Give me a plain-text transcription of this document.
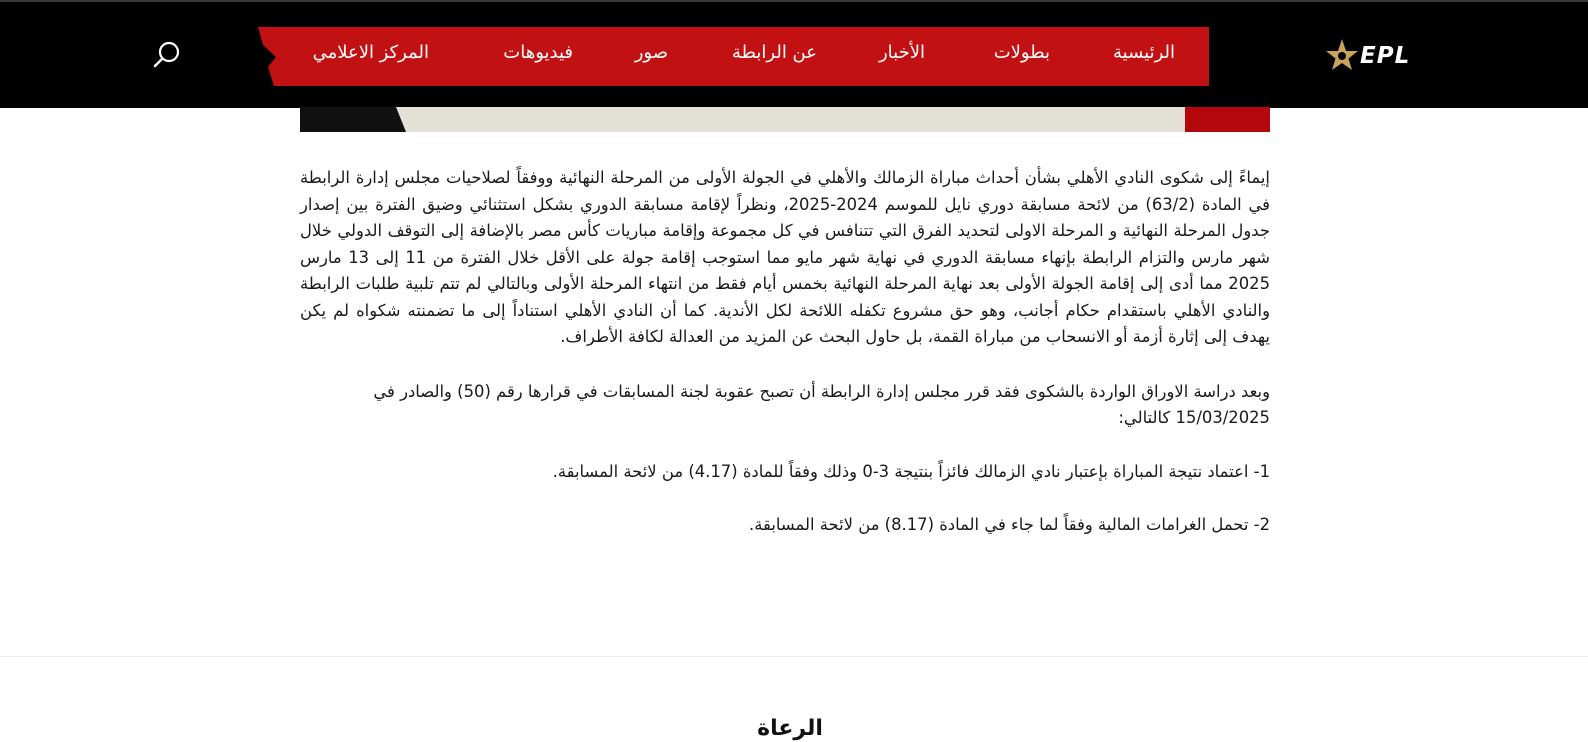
EPL
الرئيسية
بطولات
الأخبار
عن الرابطة
صور
فيديوهات
المركز الاعلامي

إيماءً إلى شكوى النادي الأهلي بشأن أحداث مباراة الزمالك والأهلي في الجولة الأولى من المرحلة النهائية ووفقاً لصلاحيات مجلس إدارة الرابطة في المادة (63/2) من لائحة مسابقة دوري نايل للموسم 2024-2025، ونظراً لإقامة مسابقة الدوري بشكل استثنائي وضيق الفترة بين إصدار جدول المرحلة النهائية و المرحلة الاولى لتحديد الفرق التي تتنافس في كل مجموعة وإقامة مباريات كأس مصر بالإضافة إلى التوقف الدولي خلال شهر مارس والتزام الرابطة بإنهاء مسابقة الدوري في نهاية شهر مايو مما استوجب إقامة جولة على الأقل خلال الفترة من 11 إلى 13 مارس 2025 مما أدى إلى إقامة الجولة الأولى بعد نهاية المرحلة النهائية بخمس أيام فقط من انتهاء المرحلة الأولى وبالتالي لم تتم تلبية طلبات الرابطة والنادي الأهلي باستقدام حكام أجانب، وهو حق مشروع تكفله اللائحة لكل الأندية. كما أن النادي الأهلي استناداً إلى ما تضمنته شكواه لم يكن يهدف إلى إثارة أزمة أو الانسحاب من مباراة القمة، بل حاول البحث عن المزيد من العدالة لكافة الأطراف.

وبعد دراسة الاوراق الواردة بالشكوى فقد قرر مجلس إدارة الرابطة أن تصبح عقوبة لجنة المسابقات في قرارها رقم (50) والصادر في 15/03/2025 كالتالي:

1- اعتماد نتيجة المباراة بإعتبار نادي الزمالك فائزاً بنتيجة 3-0 وذلك وفقاً للمادة (4.17) من لائحة المسابقة.

2- تحمل الغرامات المالية وفقاً لما جاء في المادة (8.17) من لائحة المسابقة.

الرعاة
